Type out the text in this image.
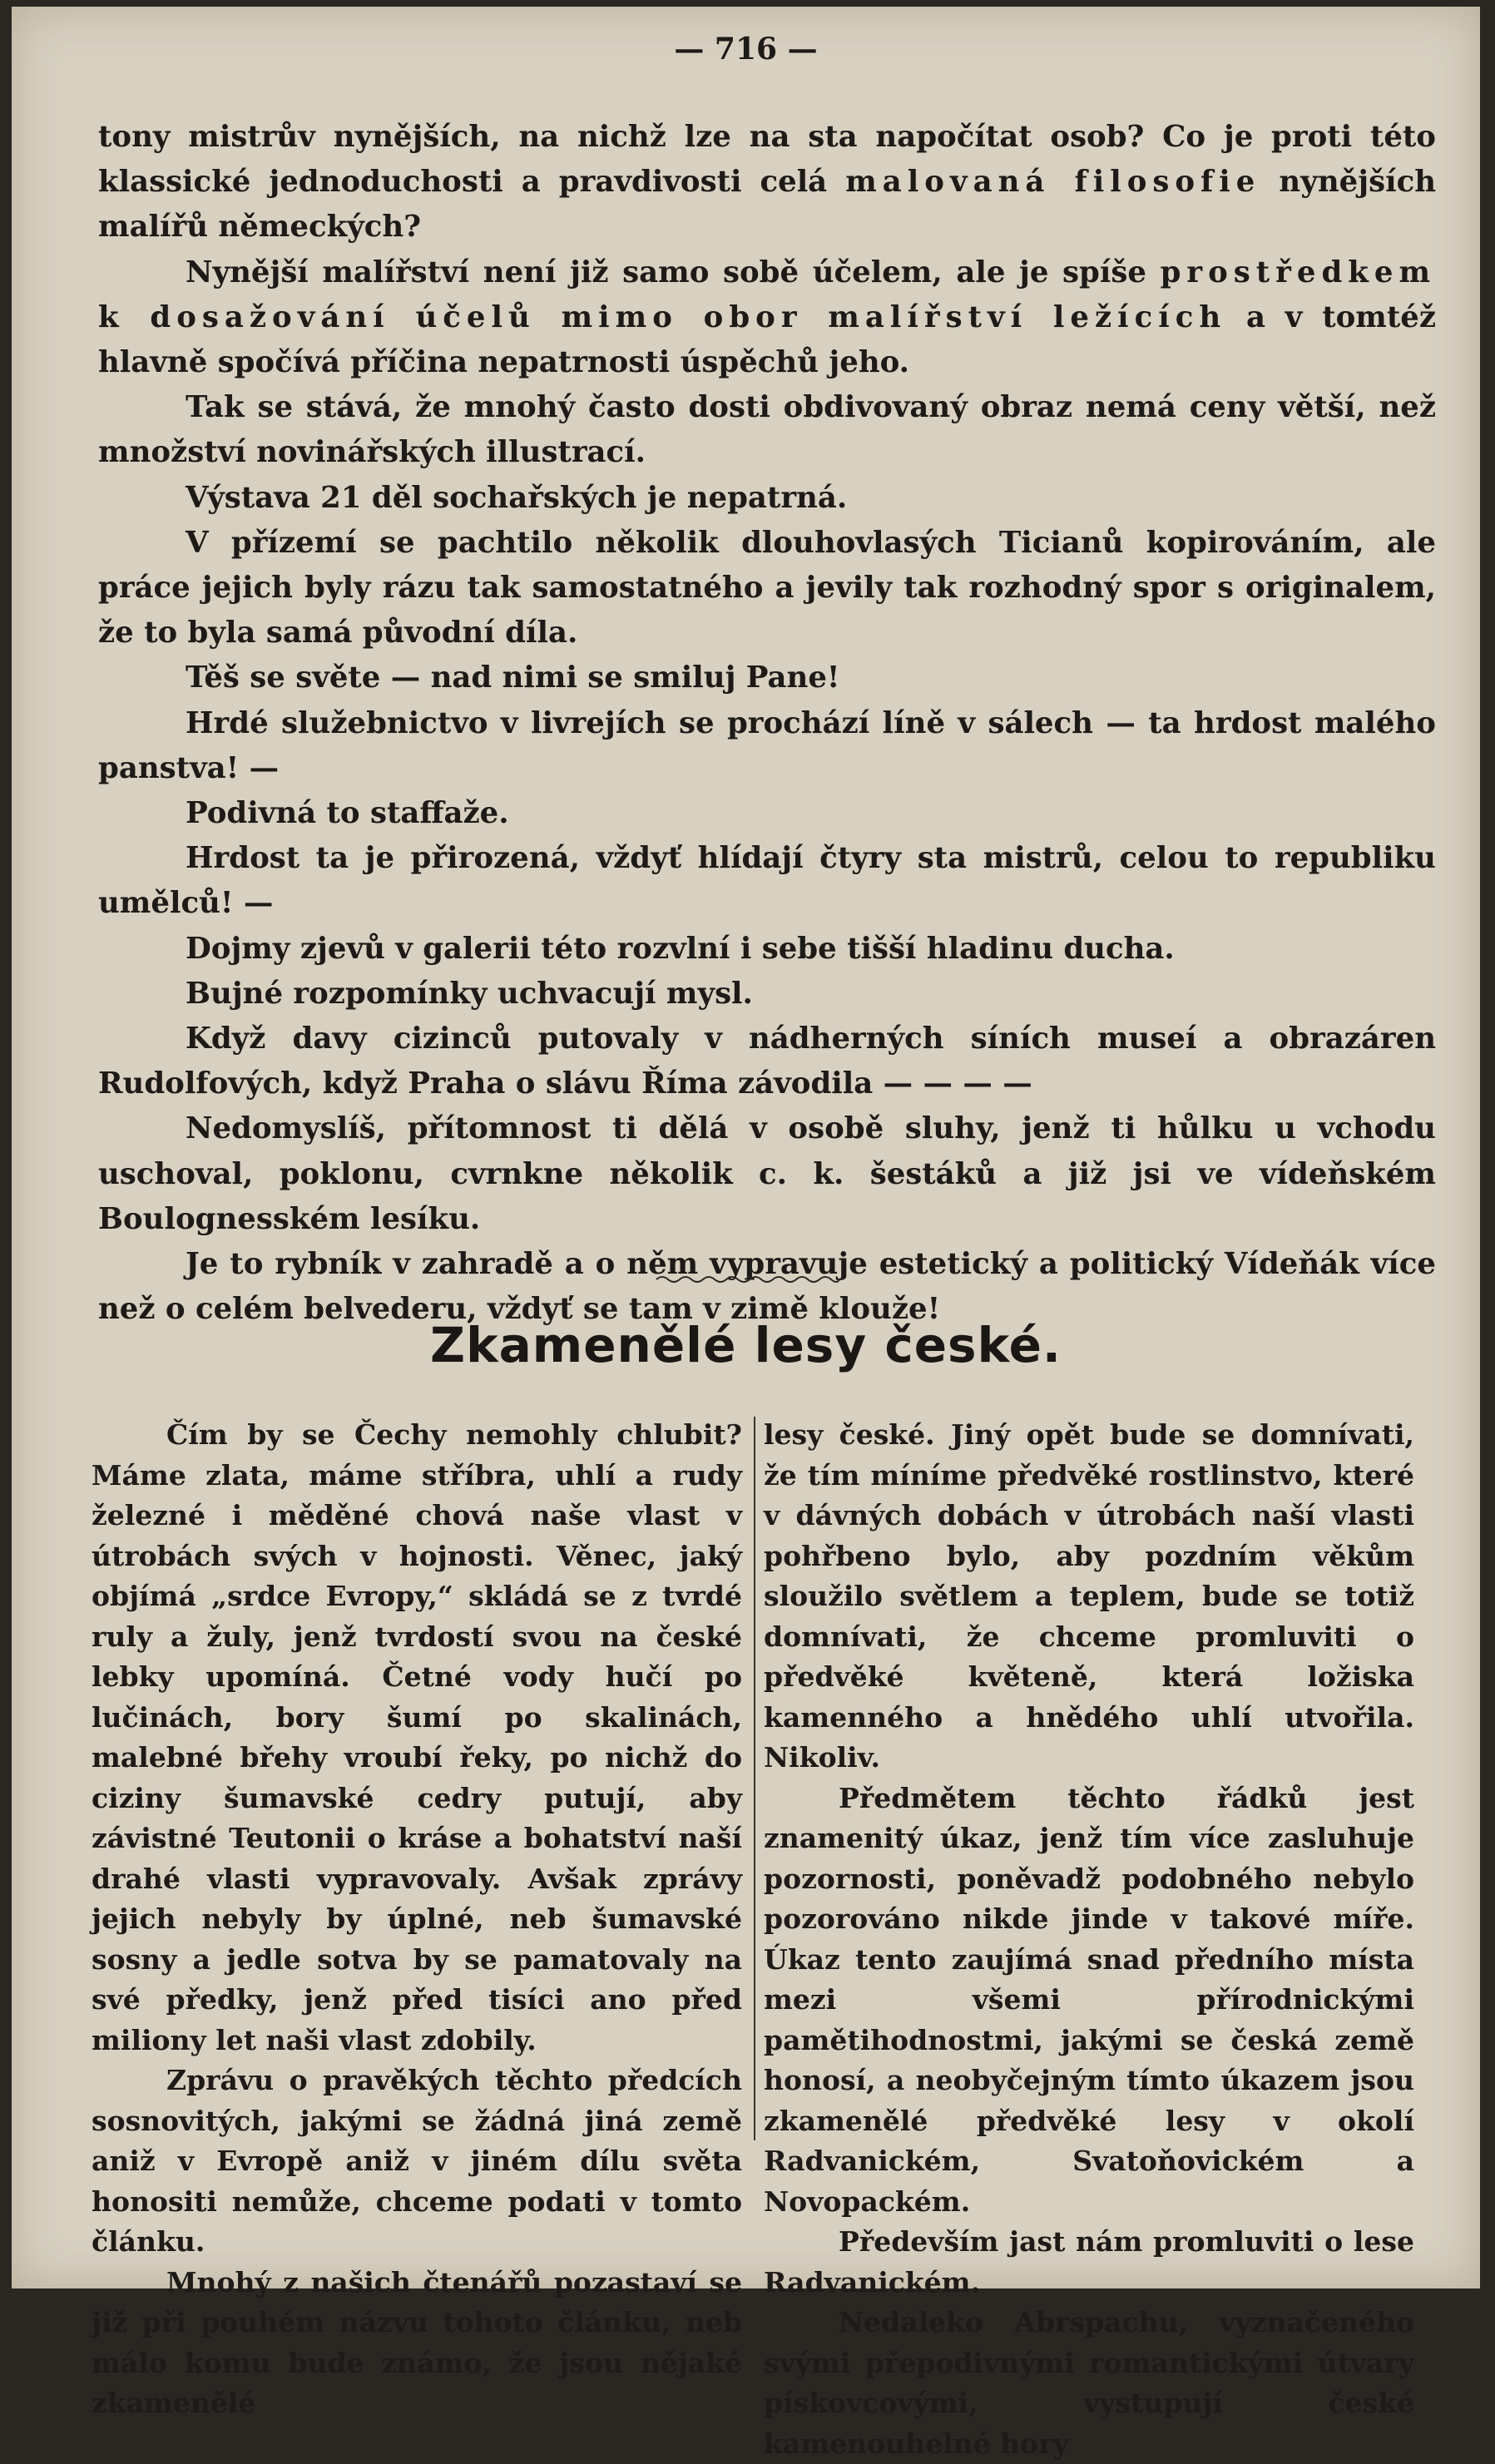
— 716 —

tony mistrův nynějších, na nichž lze na sta napočítat osob? Co je proti této klassické jednoduchosti a pravdivosti celá malovaná filosofie nynějších malířů německých?

Nynější malířství není již samo sobě účelem, ale je spíše prostředkem k dosažování účelů mimo obor malířství ležících a v tomtéž hlavně spočívá příčina nepatrnosti úspěchů jeho.

Tak se stává, že mnohý často dosti obdivovaný obraz nemá ceny větší, než množství novinářských illustrací.

Výstava 21 děl sochařských je nepatrná.

V přízemí se pachtilo několik dlouhovlasých Ticianů kopirováním, ale práce jejich byly rázu tak samostatného a jevily tak rozhodný spor s originalem, že to byla samá původní díla.

Těš se světe — nad nimi se smiluj Pane!

Hrdé služebnictvo v livrejích se prochází líně v sálech — ta hrdost malého panstva! —

Podivná to staffaže.

Hrdost ta je přirozená, vždyť hlídají čtyry sta mistrů, celou to republiku umělců! —

Dojmy zjevů v galerii této rozvlní i sebe tišší hladinu ducha.

Bujné rozpomínky uchvacují mysl.

Když davy cizinců putovaly v nádherných síních museí a obrazáren Rudolfových, když Praha o slávu Říma závodila — — — —

Nedomyslíš, přítomnost ti dělá v osobě sluhy, jenž ti hůlku u vchodu uschoval, poklonu, cvrnkne několik c. k. šestáků a již jsi ve vídeňském Boulognesském lesíku.

Je to rybník v zahradě a o něm vypravuje estetický a politický Vídeňák více než o celém belvederu, vždyť se tam v zimě klouže!

Zkamenělé lesy české.

Čím by se Čechy nemohly chlubit? Máme zlata, máme stříbra, uhlí a rudy železné i měděné chová naše vlast v útrobách svých v hojnosti. Věnec, jaký objímá „srdce Evropy,“ skládá se z tvrdé ruly a žuly, jenž tvrdostí svou na české lebky upomíná. Četné vody hučí po lučinách, bory šumí po skalinách, malebné břehy vroubí řeky, po nichž do ciziny šumavské cedry putují, aby závistné Teutonii o kráse a bohatství naší drahé vlasti vypravovaly. Avšak zprávy jejich nebyly by úplné, neb šumavské sosny a jedle sotva by se pamatovaly na své předky, jenž před tisíci ano před miliony let naši vlast zdobily.

Zprávu o pravěkých těchto předcích sosnovitých, jakými se žádná jiná země aniž v Evropě aniž v jiném dílu světa honositi nemůže, chceme podati v tomto článku.

Mnohý z našich čtenářů pozastaví se již při pouhém názvu tohoto článku, neb málo komu bude známo, že jsou nějaké zkamenělé

lesy české. Jiný opět bude se domnívati, že tím míníme předvěké rostlinstvo, které v dávných dobách v útrobách naší vlasti pohřbeno bylo, aby pozdním věkům sloužilo světlem a teplem, bude se totiž domnívati, že chceme promluviti o předvěké květeně, která ložiska kamenného a hnědého uhlí utvořila. Nikoliv.

Předmětem těchto řádků jest znamenitý úkaz, jenž tím více zasluhuje pozornosti, poněvadž podobného nebylo pozorováno nikde jinde v takové míře. Úkaz tento zaujímá snad předního místa mezi všemi přírodnickými pamětihodnostmi, jakými se česká země honosí, a neobyčejným tímto úkazem jsou zkamenělé předvěké lesy v okolí Radvanickém, Svatoňovickém a Novopackém.

Především jast nám promluviti o lese Radvanickém.

Nedaleko Abrspachu, vyznačeného svými přepodivnými romantickými útvary pískovcovými, vystupují české kamenouhelné hory
